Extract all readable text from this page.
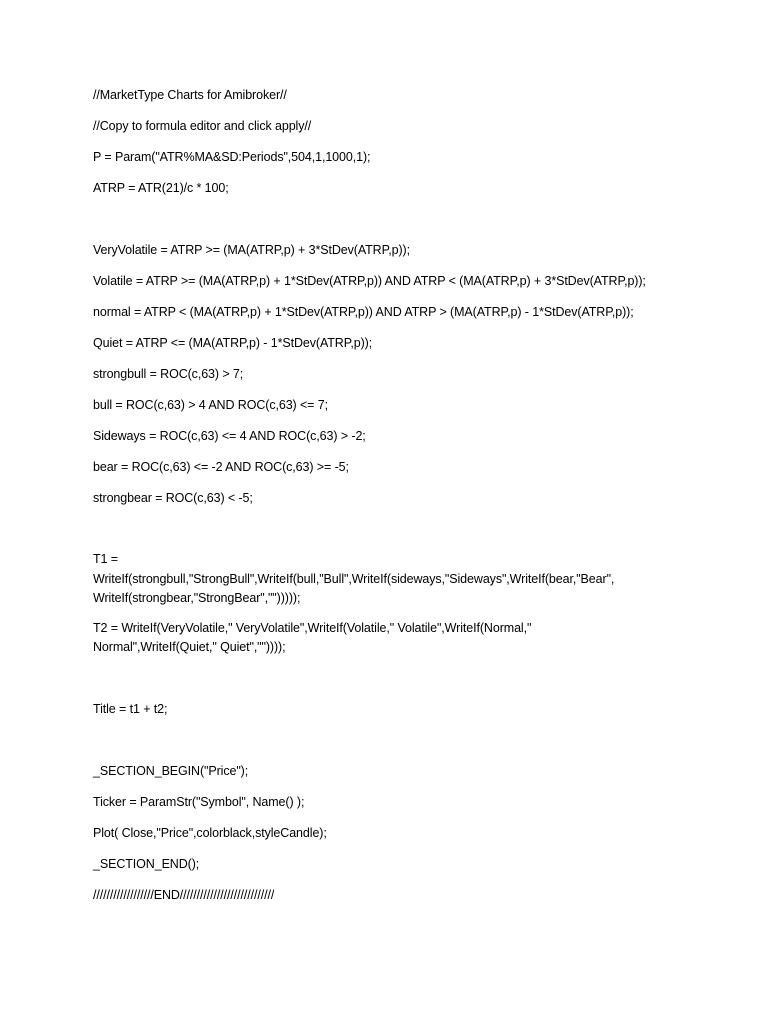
//MarketType Charts for Amibroker//
//Copy to formula editor and click apply//
P = Param("ATR%MA&SD:Periods",504,1,1000,1);
ATRP = ATR(21)/c * 100;
VeryVolatile = ATRP >= (MA(ATRP,p) + 3*StDev(ATRP,p));
Volatile = ATRP >= (MA(ATRP,p) + 1*StDev(ATRP,p)) AND ATRP < (MA(ATRP,p) + 3*StDev(ATRP,p));
normal = ATRP < (MA(ATRP,p) + 1*StDev(ATRP,p)) AND ATRP > (MA(ATRP,p) - 1*StDev(ATRP,p));
Quiet = ATRP <= (MA(ATRP,p) - 1*StDev(ATRP,p));
strongbull = ROC(c,63) > 7;
bull = ROC(c,63) > 4 AND ROC(c,63) <= 7;
Sideways = ROC(c,63) <= 4 AND ROC(c,63) > -2;
bear = ROC(c,63) <= -2 AND ROC(c,63) >= -5;
strongbear = ROC(c,63) < -5;
T1 =
WriteIf(strongbull,"StrongBull",WriteIf(bull,"Bull",WriteIf(sideways,"Sideways",WriteIf(bear,"Bear",
WriteIf(strongbear,"StrongBear","")))));
T2 = WriteIf(VeryVolatile," VeryVolatile",WriteIf(Volatile," Volatile",WriteIf(Normal,"
Normal",WriteIf(Quiet," Quiet",""))));
Title = t1 + t2;
_SECTION_BEGIN("Price");
Ticker = ParamStr("Symbol", Name() );
Plot( Close,"Price",colorblack,styleCandle);
_SECTION_END();
//////////////////END////////////////////////////
